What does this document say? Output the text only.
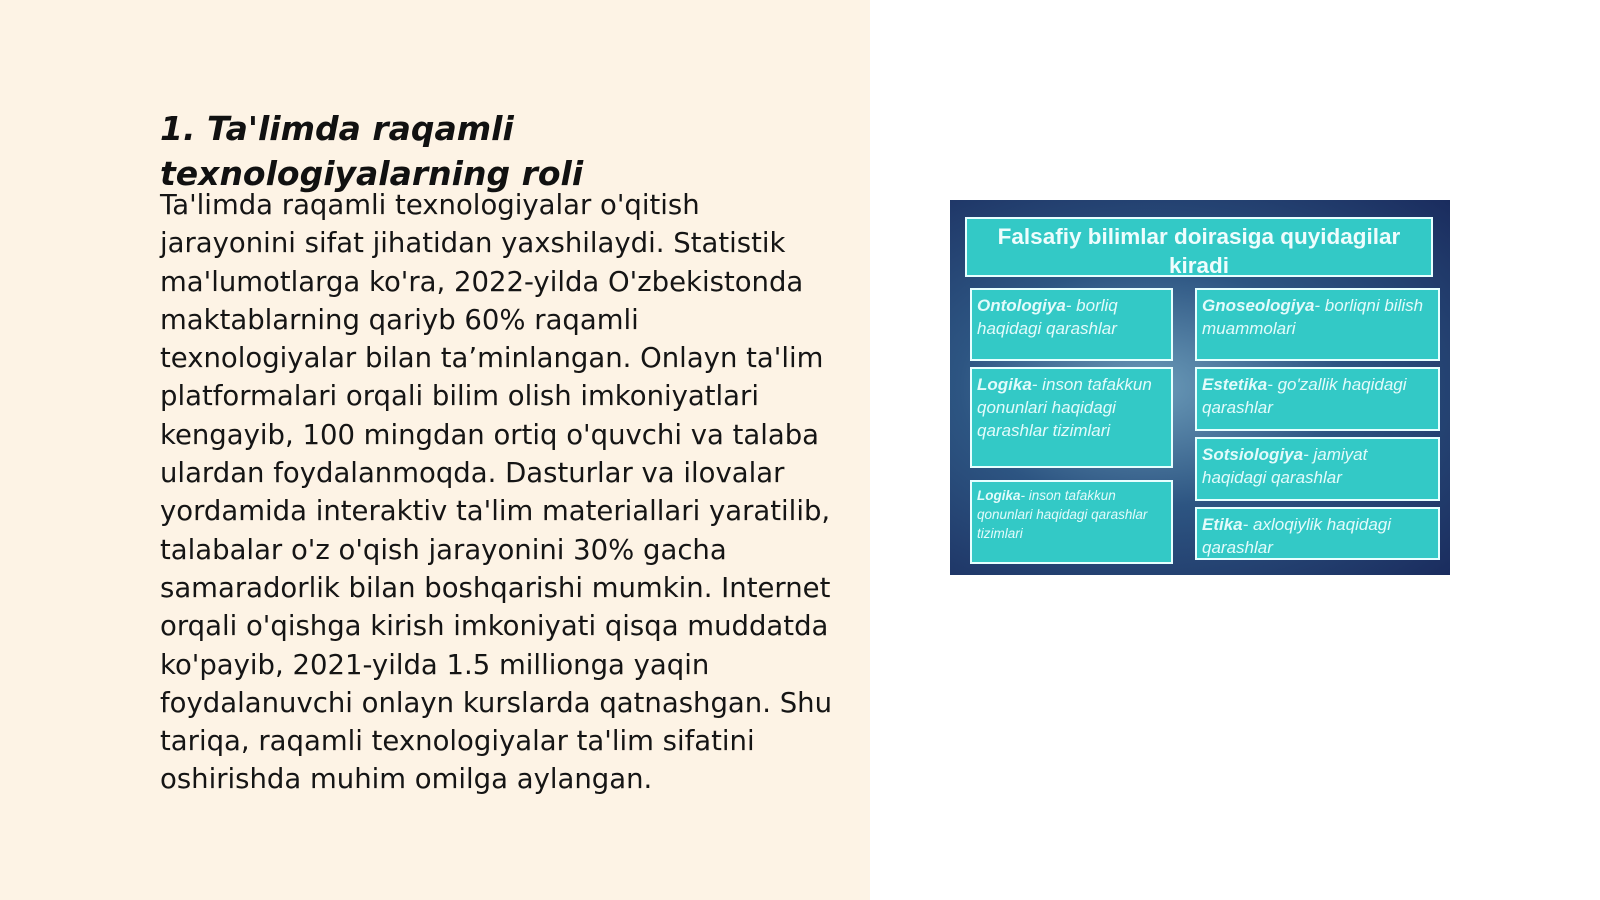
1. Ta'limda raqamli texnologiyalarning roli

Ta'limda raqamli texnologiyalar o'qitish jarayonini sifat jihatidan yaxshilaydi. Statistik ma'lumotlarga ko'ra, 2022-yilda O'zbekistonda maktablarning qariyb 60% raqamli texnologiyalar bilan ta’minlangan. Onlayn ta'lim platformalari orqali bilim olish imkoniyatlari kengayib, 100 mingdan ortiq o'quvchi va talaba ulardan foydalanmoqda. Dasturlar va ilovalar yordamida interaktiv ta'lim materiallari yaratilib, talabalar o'z o'qish jarayonini 30% gacha samaradorlik bilan boshqarishi mumkin. Internet orqali o'qishga kirish imkoniyati qisqa muddatda ko'payib, 2021-yilda 1.5 millionga yaqin foydalanuvchi onlayn kurslarda qatnashgan. Shu tariqa, raqamli texnologiyalar ta'lim sifatini oshirishda muhim omilga aylangan.

Falsafiy bilimlar doirasiga quyidagilar kiradi
Ontologiya- borliq haqidagi qarashlar
Gnoseologiya- borliqni bilish muammolari
Logika- inson tafakkun qonunlari haqidagi qarashlar tizimlari
Estetika- go'zallik haqidagi qarashlar
Sotsiologiya- jamiyat haqidagi qarashlar
Logika- inson tafakkun qonunlari haqidagi qarashlar tizimlari	Etika- axloqiylik haqidagi qarashlar
